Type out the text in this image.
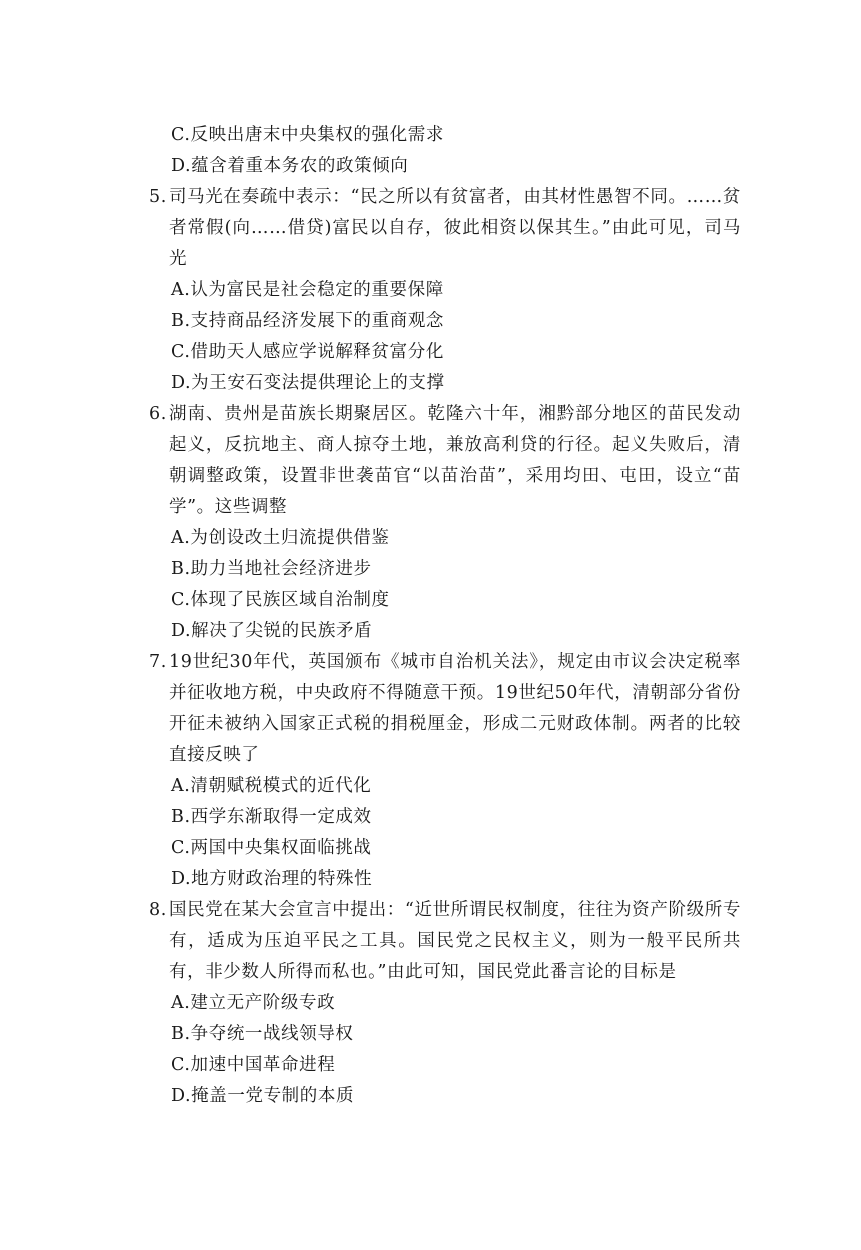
C.反映出唐末中央集权的强化需求
D.蕴含着重本务农的政策倾向
5. 司马光在奏疏中表示：“民之所以有贫富者，由其材性愚智不同。……贫者常假(向……借贷)富民以自存，彼此相资以保其生。”由此可见，司马光
A.认为富民是社会稳定的重要保障
B.支持商品经济发展下的重商观念
C.借助天人感应学说解释贫富分化
D.为王安石变法提供理论上的支撑
6. 湖南、贵州是苗族长期聚居区。乾隆六十年，湘黔部分地区的苗民发动起义，反抗地主、商人掠夺土地，兼放高利贷的行径。起义失败后，清朝调整政策，设置非世袭苗官“以苗治苗”，采用均田、屯田，设立“苗学”。这些调整
A.为创设改土归流提供借鉴
B.助力当地社会经济进步
C.体现了民族区域自治制度
D.解决了尖锐的民族矛盾
7. 19世纪30年代，英国颁布《城市自治机关法》，规定由市议会决定税率并征收地方税，中央政府不得随意干预。19世纪50年代，清朝部分省份开征未被纳入国家正式税的捐税厘金，形成二元财政体制。两者的比较直接反映了
A.清朝赋税模式的近代化
B.西学东渐取得一定成效
C.两国中央集权面临挑战
D.地方财政治理的特殊性
8. 国民党在某大会宣言中提出：“近世所谓民权制度，往往为资产阶级所专有，适成为压迫平民之工具。国民党之民权主义，则为一般平民所共有，非少数人所得而私也。”由此可知，国民党此番言论的目标是
A.建立无产阶级专政
B.争夺统一战线领导权
C.加速中国革命进程
D.掩盖一党专制的本质
